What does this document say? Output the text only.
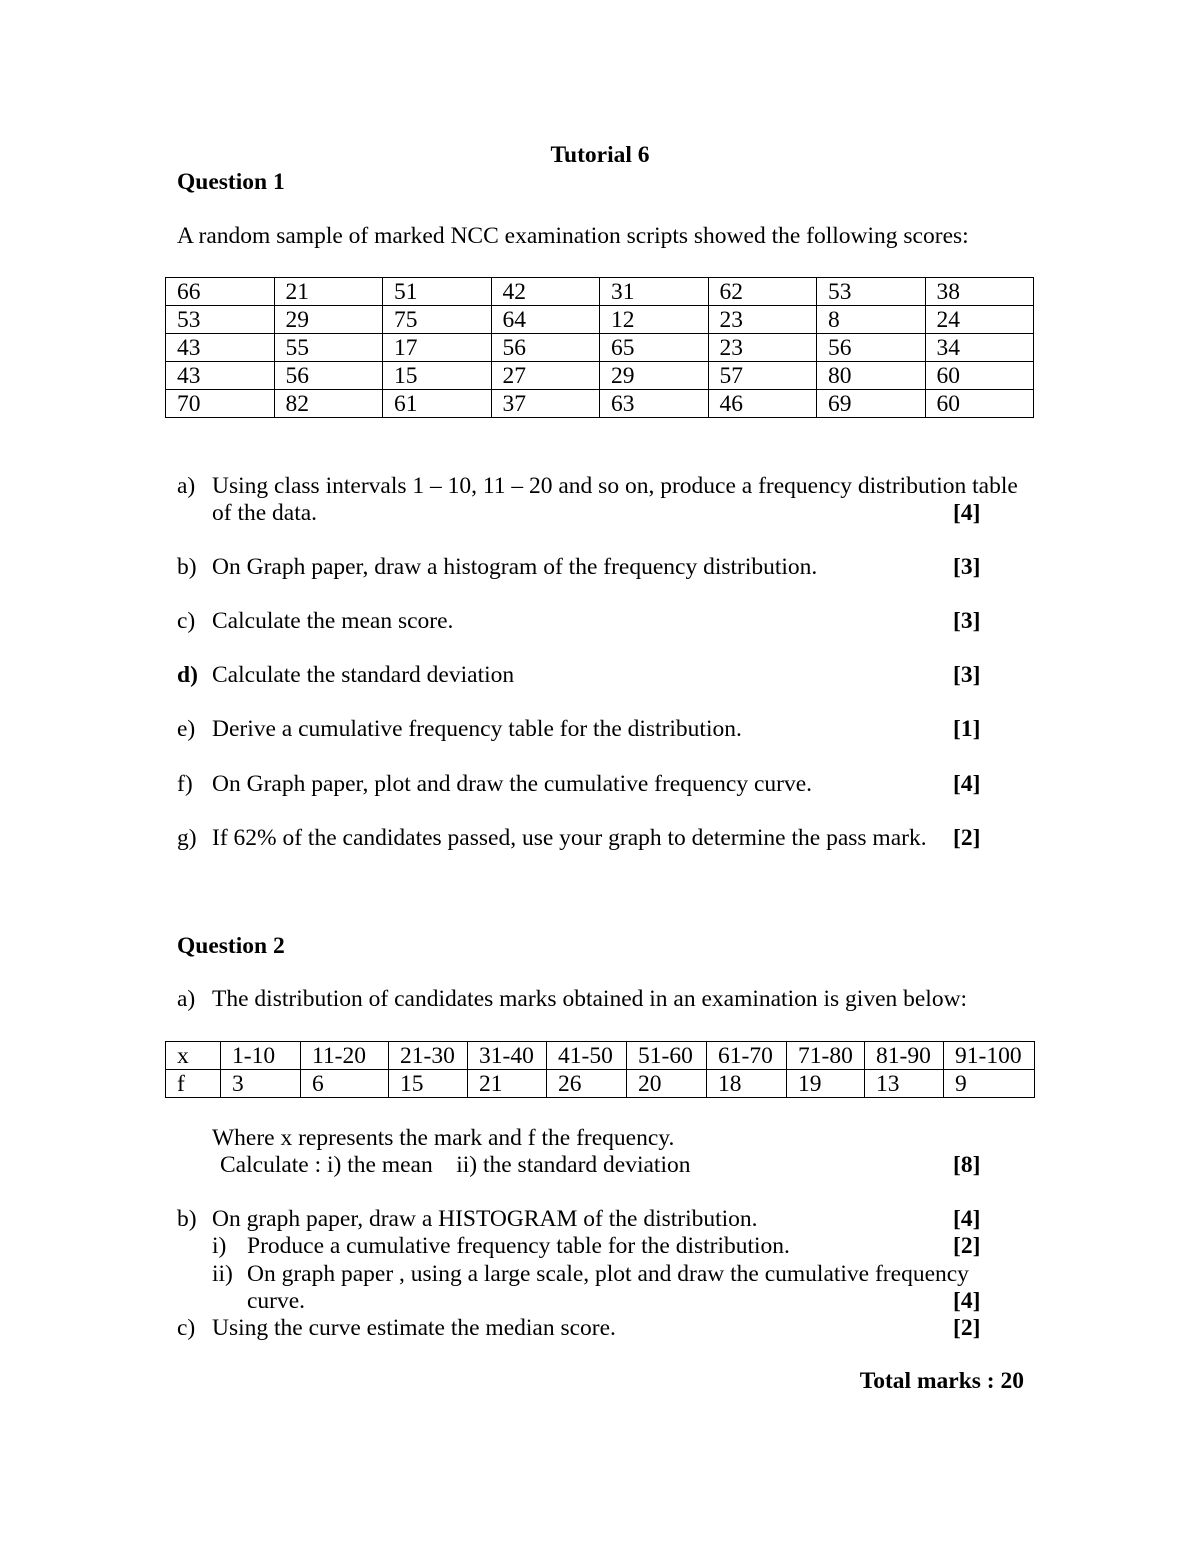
Tutorial 6
Question 1
A random sample of marked NCC examination scripts showed the following scores:
66	21	51	42	31	62	53	38
53	29	75	64	12	23	8	24
43	55	17	56	65	23	56	34
43	56	15	27	29	57	80	60
70	82	61	37	63	46	69	60
a) Using class intervals 1 – 10, 11 – 20 and so on, produce a frequency distribution table
of the data.	[4]
b) On Graph paper, draw a histogram of the frequency distribution.	[3]
c) Calculate the mean score.	[3]
d) Calculate the standard deviation	[3]
e) Derive a cumulative frequency table for the distribution.	[1]
f) On Graph paper, plot and draw the cumulative frequency curve.	[4]
g) If 62% of the candidates passed, use your graph to determine the pass mark. [2]
Question 2
a) The distribution of candidates marks obtained in an examination is given below:
x	1-10	11-20	21-30	31-40	41-50	51-60	61-70	71-80	81-90	91-100
f	3	6	15	21	26	20	18	19	13	9
Where x represents the mark and f the frequency.
Calculate : i) the mean    ii) the standard deviation	[8]
b) On graph paper, draw a HISTOGRAM of the distribution.	[4]
i) Produce a cumulative frequency table for the distribution.	[2]
ii) On graph paper , using a large scale, plot and draw the cumulative frequency
curve.	[4]
c) Using the curve estimate the median score.	[2]
Total marks : 20
